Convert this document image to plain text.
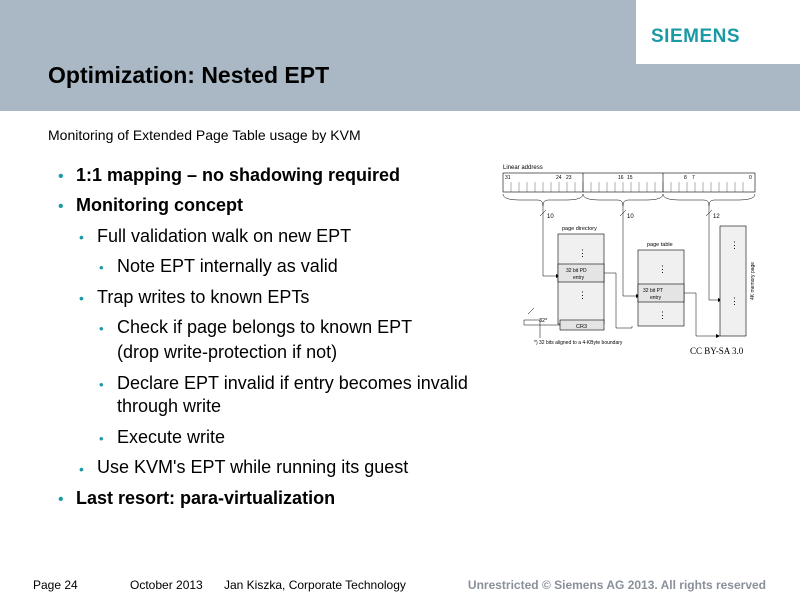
SIEMENS
Optimization: Nested EPT
Monitoring of Extended Page Table usage by KVM
• 1:1 mapping – no shadowing required
• Monitoring concept
• Full validation walk on new EPT
• Note EPT internally as valid
• Trap writes to known EPTs
• Check if page belongs to known EPT
(drop write-protection if not)
• Declare EPT invalid if entry becomes invalid
through write
• Execute write
• Use KVM's EPT while running its guest
• Last resort: para-virtualization
Linear address
31	24 23	16 15	8 7	0
10	10	12
page directory
⋮
32 bit PD
entry
⋮
page table
⋮
32 bit PT
entry
⋮
⋮
⋮
4K memory page
CR3
32*
*) 32 bits aligned to a 4-KByte boundary
CC BY-SA 3.0
Page 24	October 2013 Jan Kiszka, Corporate Technology	Unrestricted © Siemens AG 2013. All rights reserved
